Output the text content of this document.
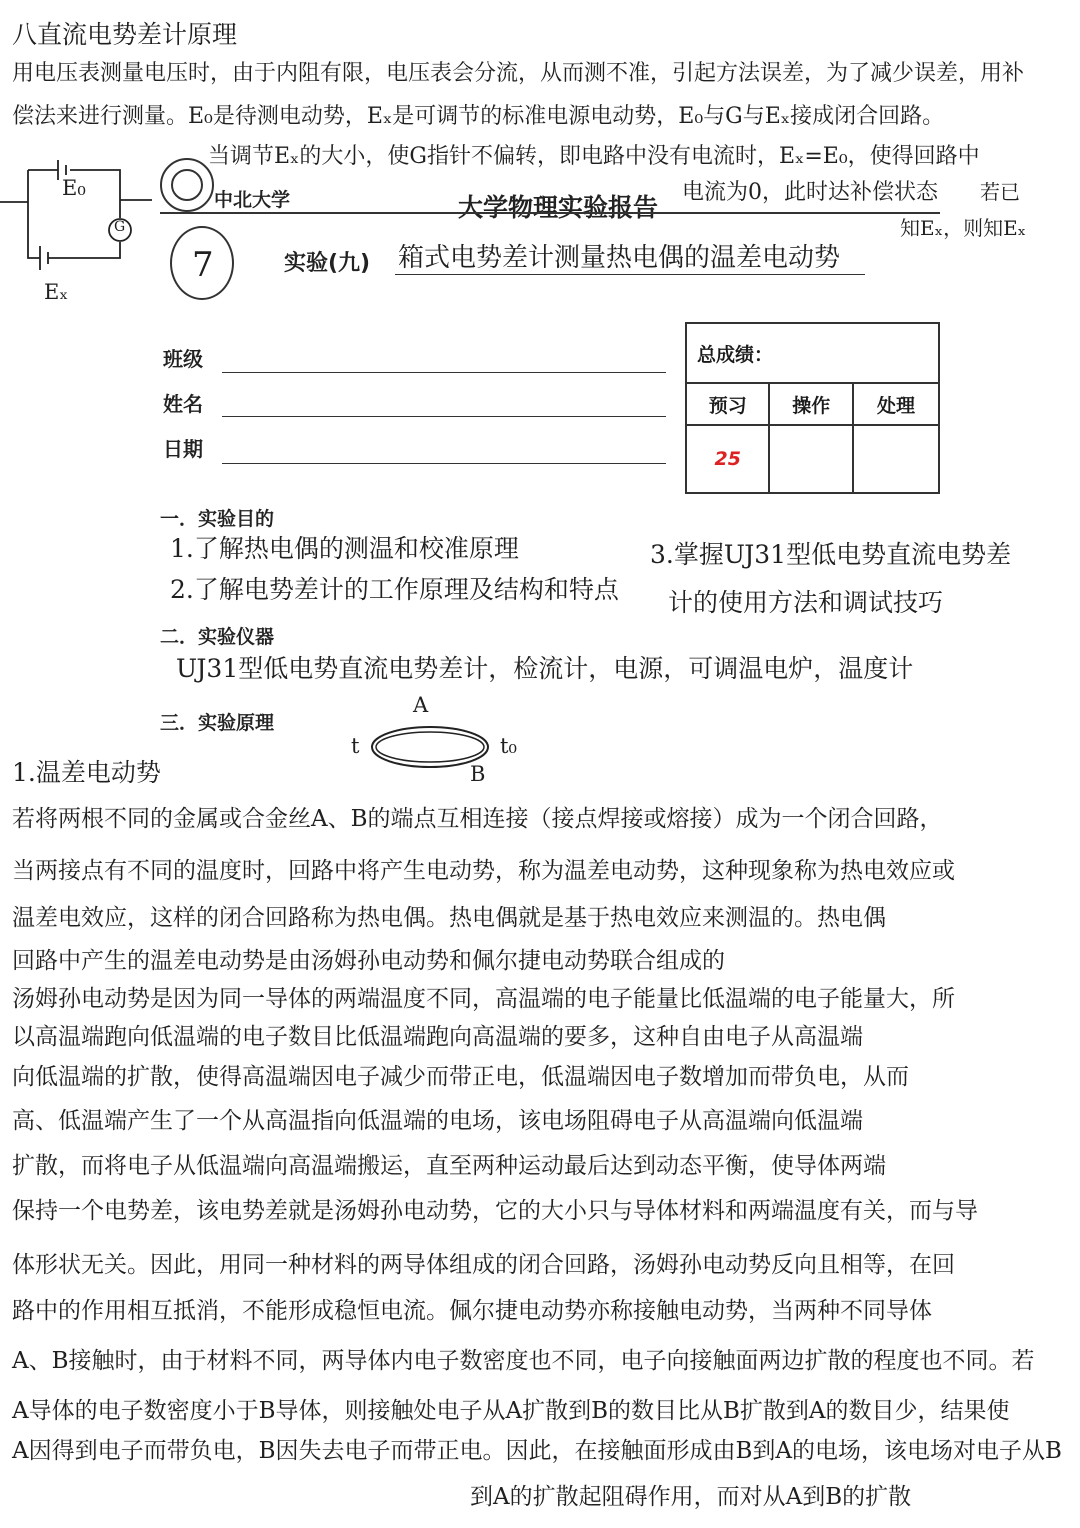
八直流电势差计原理
用电压表测量电压时，由于内阻有限，电压表会分流，从而测不准，引起方法误差，为了减少误差，用补
偿法来进行测量。E₀是待测电动势，Eₓ是可调节的标准电源电动势，E₀与G与Eₓ接成闭合回路。
E₀
G
Eₓ
当调节Eₓ的大小，使G指针不偏转，即电路中没有电流时，Eₓ=E₀，使得回路中
电流为0，此时达补偿状态 若已
知Eₓ，则知Eₓ
中北大学	大学物理实验报告
7	实验(九) 箱式电势差计测量热电偶的温差电动势
班级
姓名
日期
总成绩：		
预习	操作	处理
25		
一．实验目的
1.了解热电偶的测温和校准原理
2.了解电势差计的工作原理及结构和特点
3.掌握UJ31型低电势直流电势差
计的使用方法和调试技巧
二．实验仪器
UJ31型低电势直流电势差计，检流计，电源，可调温电炉，温度计
三．实验原理
A
t	t₀
B
1.温差电动势
若将两根不同的金属或合金丝A、B的端点互相连接（接点焊接或熔接）成为一个闭合回路，
当两接点有不同的温度时，回路中将产生电动势，称为温差电动势，这种现象称为热电效应或
温差电效应，这样的闭合回路称为热电偶。热电偶就是基于热电效应来测温的。热电偶
回路中产生的温差电动势是由汤姆孙电动势和佩尔捷电动势联合组成的
汤姆孙电动势是因为同一导体的两端温度不同，高温端的电子能量比低温端的电子能量大，所
以高温端跑向低温端的电子数目比低温端跑向高温端的要多，这种自由电子从高温端
向低温端的扩散，使得高温端因电子减少而带正电，低温端因电子数增加而带负电，从而
高、低温端产生了一个从高温指向低温端的电场，该电场阻碍电子从高温端向低温端
扩散，而将电子从低温端向高温端搬运，直至两种运动最后达到动态平衡，使导体两端
保持一个电势差，该电势差就是汤姆孙电动势，它的大小只与导体材料和两端温度有关，而与导
体形状无关。因此，用同一种材料的两导体组成的闭合回路，汤姆孙电动势反向且相等，在回
路中的作用相互抵消，不能形成稳恒电流。佩尔捷电动势亦称接触电动势，当两种不同导体
A、B接触时，由于材料不同，两导体内电子数密度也不同，电子向接触面两边扩散的程度也不同。若
A导体的电子数密度小于B导体，则接触处电子从A扩散到B的数目比从B扩散到A的数目少，结果使
A因得到电子而带负电，B因失去电子而带正电。因此，在接触面形成由B到A的电场，该电场对电子从B
到A的扩散起阻碍作用，而对从A到B的扩散
